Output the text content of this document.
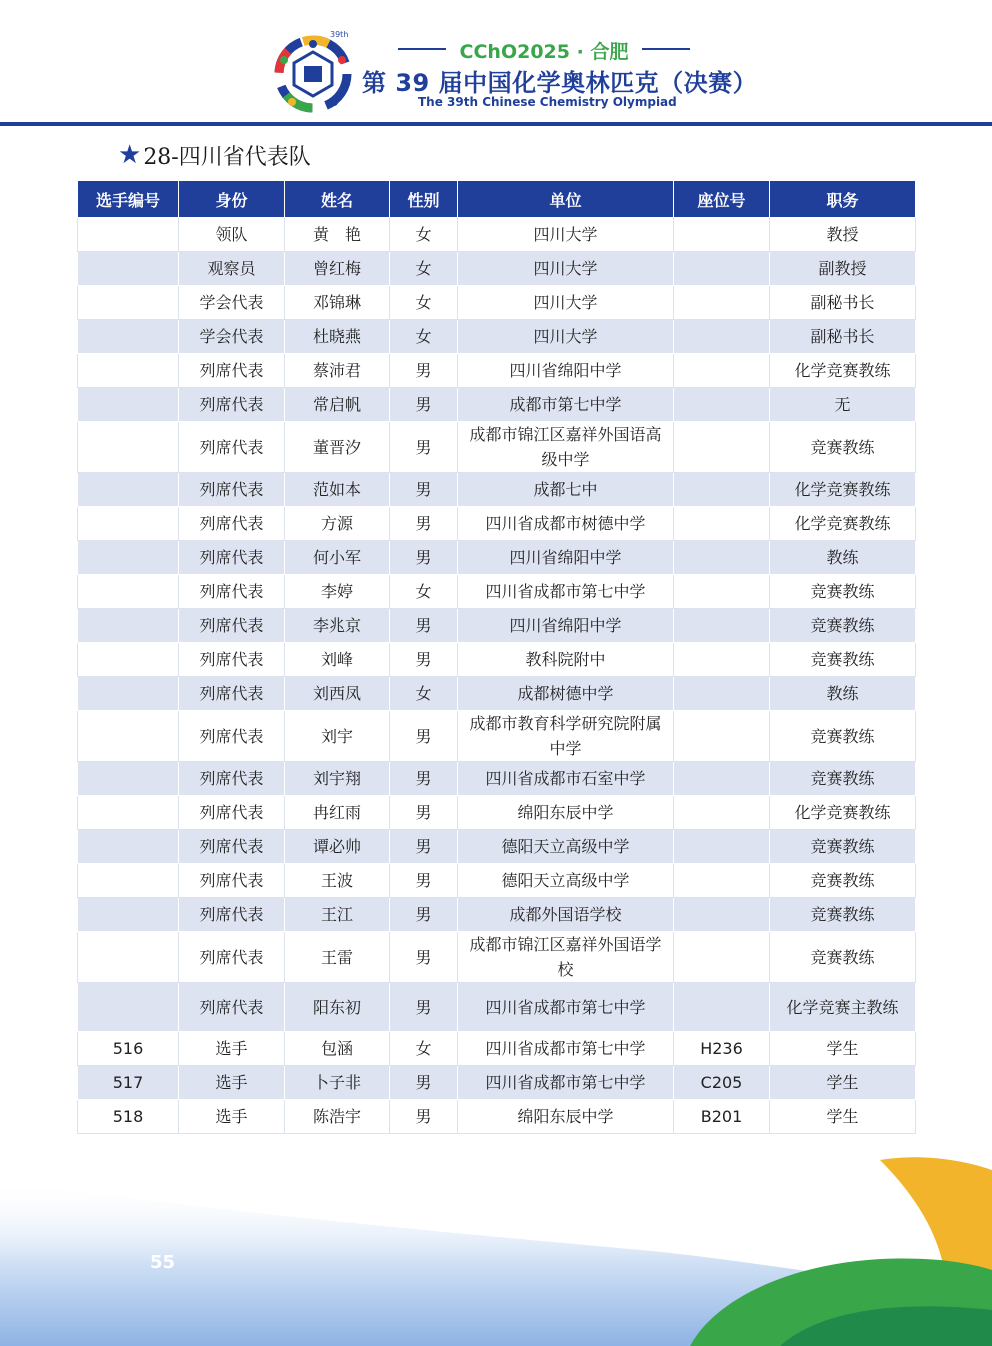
39th
CChO2025 · 合肥
第 39 届中国化学奥林匹克（决赛）
The 39th Chinese Chemistry Olympiad
★ 28-四川省代表队
选手编号	身份	姓名	性别	单位	座位号	职务
	领队	黄　艳	女	四川大学		教授
	观察员	曾红梅	女	四川大学		副教授
	学会代表	邓锦琳	女	四川大学		副秘书长
	学会代表	杜晓燕	女	四川大学		副秘书长
	列席代表	蔡沛君	男	四川省绵阳中学		化学竞赛教练
	列席代表	常启帆	男	成都市第七中学		无
	列席代表	董晋汐	男	成都市锦江区嘉祥外国语高级中学		竞赛教练
	列席代表	范如本	男	成都七中		化学竞赛教练
	列席代表	方源	男	四川省成都市树德中学		化学竞赛教练
	列席代表	何小军	男	四川省绵阳中学		教练
	列席代表	李婷	女	四川省成都市第七中学		竞赛教练
	列席代表	李兆京	男	四川省绵阳中学		竞赛教练
	列席代表	刘峰	男	教科院附中		竞赛教练
	列席代表	刘西凤	女	成都树德中学		教练
	列席代表	刘宇	男	成都市教育科学研究院附属中学		竞赛教练
	列席代表	刘宇翔	男	四川省成都市石室中学		竞赛教练
	列席代表	冉红雨	男	绵阳东辰中学		化学竞赛教练
	列席代表	谭必帅	男	德阳天立高级中学		竞赛教练
	列席代表	王波	男	德阳天立高级中学		竞赛教练
	列席代表	王江	男	成都外国语学校		竞赛教练
	列席代表	王雷	男	成都市锦江区嘉祥外国语学校		竞赛教练
	列席代表	阳东初	男	四川省成都市第七中学		化学竞赛主教练
516	选手	包涵	女	四川省成都市第七中学	H236	学生
517	选手	卜子非	男	四川省成都市第七中学	C205	学生
518	选手	陈浩宇	男	绵阳东辰中学	B201	学生
55
